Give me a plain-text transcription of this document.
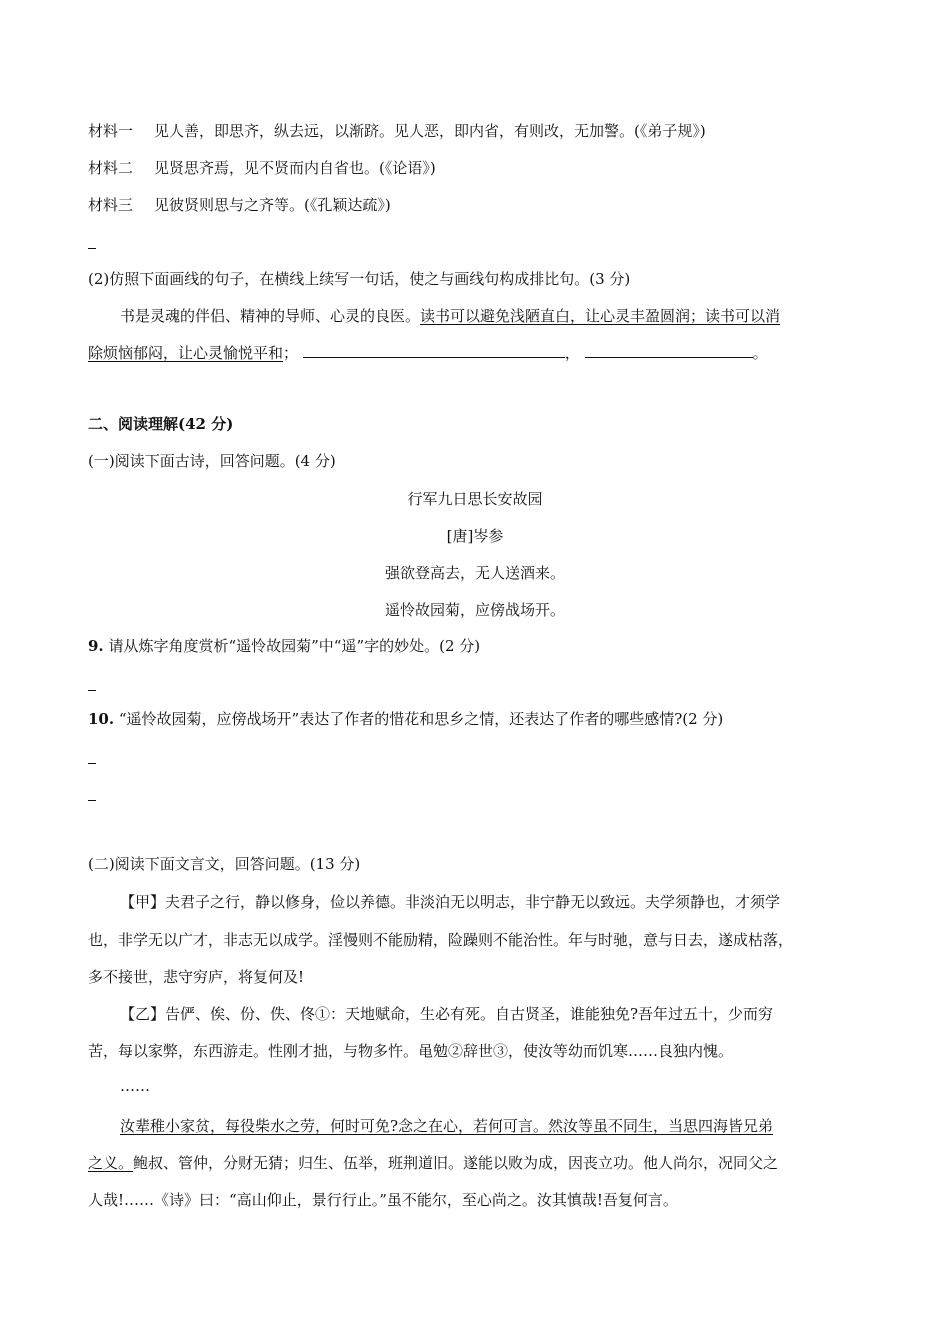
材料一 见人善，即思齐，纵去远，以渐跻。见人恶，即内省，有则改，无加警。(《弟子规》)
材料二 见贤思齐焉，见不贤而内自省也。(《论语》)
材料三 见彼贤则思与之齐等。(《孔颖达疏》)
(2)仿照下面画线的句子，在横线上续写一句话，使之与画线句构成排比句。(3 分)
书是灵魂的伴侣、精神的导师、心灵的良医。读书可以避免浅陋直白，让心灵丰盈圆润；读书可以消
除烦恼郁闷，让心灵愉悦平和；	，	。
二、阅读理解(42 分)
(一)阅读下面古诗，回答问题。(4 分)
行军九日思长安故园
[唐]岑参
强欲登高去，无人送酒来。
遥怜故园菊，应傍战场开。
9. 请从炼字角度赏析“遥怜故园菊”中“遥”字的妙处。(2 分)
10. “遥怜故园菊，应傍战场开”表达了作者的惜花和思乡之情，还表达了作者的哪些感情?(2 分)
(二)阅读下面文言文，回答问题。(13 分)
【甲】夫君子之行，静以修身，俭以养德。非淡泊无以明志，非宁静无以致远。夫学须静也，才须学
也，非学无以广才，非志无以成学。淫慢则不能励精，险躁则不能治性。年与时驰，意与日去，遂成枯落，
多不接世，悲守穷庐，将复何及!
【乙】告俨、俟、份、佚、佟①：天地赋命，生必有死。自古贤圣，谁能独免?吾年过五十，少而穷
苦，每以家弊，东西游走。性刚才拙，与物多忤。黾勉②辞世③，使汝等幼而饥寒……良独内愧。
……
汝辈稚小家贫，每役柴水之劳，何时可免?念之在心，若何可言。然汝等虽不同生，当思四海皆兄弟
之义。鲍叔、管仲，分财无猜；归生、伍举，班荆道旧。遂能以败为成，因丧立功。他人尚尔，况同父之
人哉!……《诗》曰：“高山仰止，景行行止。”虽不能尔，至心尚之。汝其慎哉!吾复何言。
